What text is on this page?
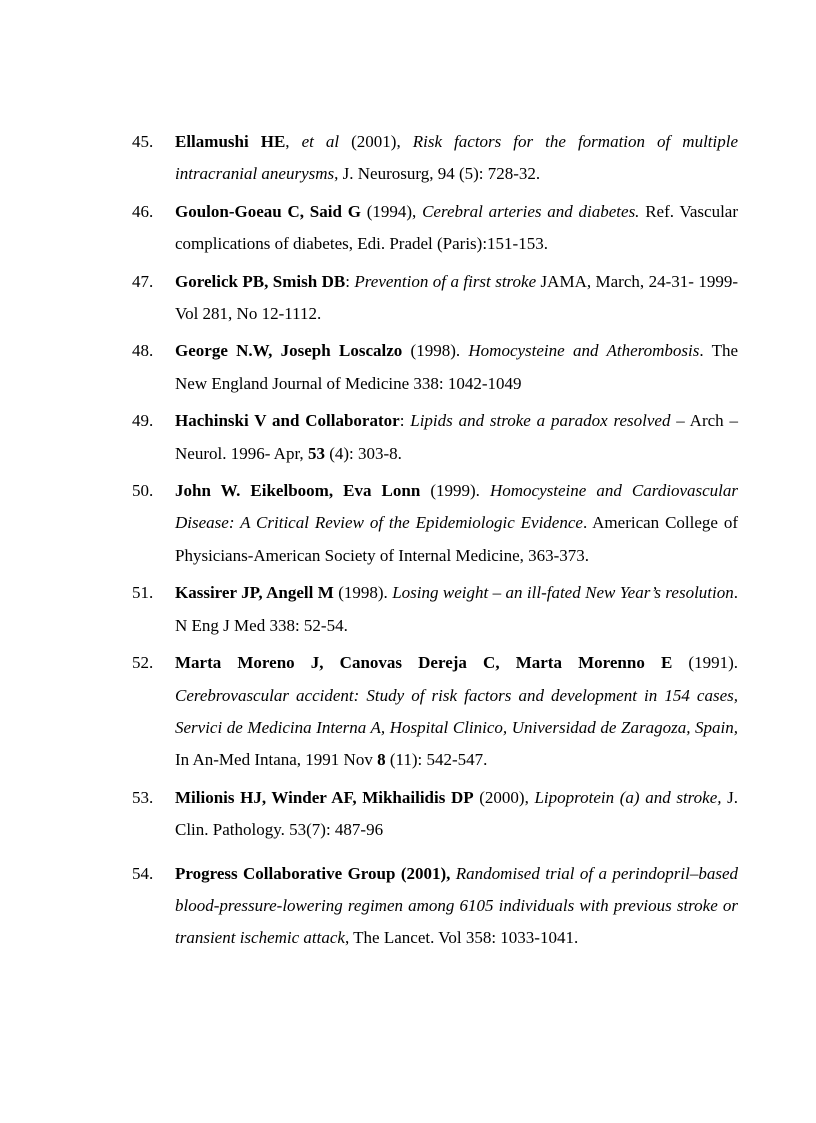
45.	Ellamushi HE, et al (2001), Risk factors for the formation of multiple intracranial aneurysms, J. Neurosurg, 94 (5): 728-32.
46.	Goulon-Goeau C, Said G (1994), Cerebral arteries and diabetes. Ref. Vascular complications of diabetes, Edi. Pradel (Paris):151-153.
47.	Gorelick PB, Smish DB: Prevention of a first stroke JAMA, March, 24-31- 1999-Vol 281, No 12-1112.
48.	George N.W, Joseph Loscalzo (1998). Homocysteine and Atherombosis. The New England Journal of Medicine 338: 1042-1049
49.	Hachinski V and Collaborator: Lipids and stroke a paradox resolved – Arch – Neurol. 1996- Apr, 53 (4): 303-8.
50.	John W. Eikelboom, Eva Lonn (1999). Homocysteine and Cardiovascular Disease: A Critical Review of the Epidemiologic Evidence. American College of Physicians-American Society of Internal Medicine, 363-373.
51.	Kassirer JP, Angell M (1998). Losing weight – an ill-fated New Year’s resolution. N Eng J Med 338: 52-54.
52.	Marta Moreno J, Canovas Dereja C, Marta Morenno E (1991). Cerebrovascular accident: Study of risk factors and development in 154 cases, Servici de Medicina Interna A, Hospital Clinico, Universidad de Zaragoza, Spain, In An-Med Intana, 1991 Nov 8 (11): 542-547.
53.	Milionis HJ, Winder AF, Mikhailidis DP (2000), Lipoprotein (a) and stroke, J. Clin. Pathology. 53(7): 487-96
54.	Progress Collaborative Group (2001), Randomised trial of a perindopril–based blood-pressure-lowering regimen among 6105 individuals with previous stroke or transient ischemic attack, The Lancet. Vol 358: 1033-1041.
